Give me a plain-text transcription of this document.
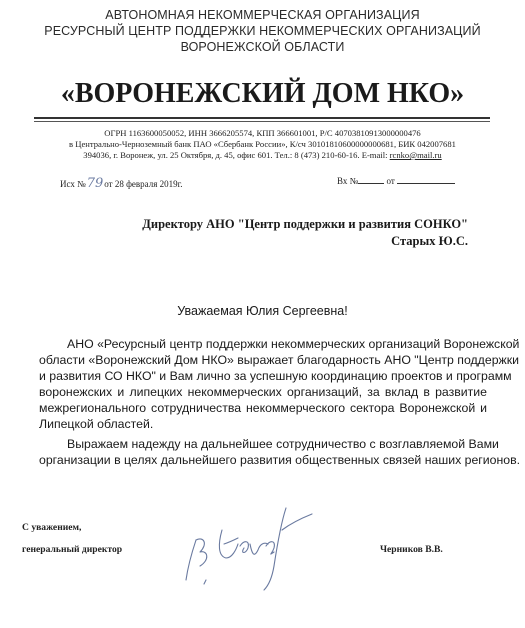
АВТОНОМНАЯ НЕКОММЕРЧЕСКАЯ ОРГАНИЗАЦИЯ
РЕСУРСНЫЙ ЦЕНТР ПОДДЕРЖКИ НЕКОММЕРЧЕСКИХ ОРГАНИЗАЦИЙ
ВОРОНЕЖСКОЙ ОБЛАСТИ
«ВОРОНЕЖСКИЙ ДОМ НКО»
ОГРН 1163600050052, ИНН 3666205574, КПП 366601001, Р/С 40703810913000000476
в Центрально-Черноземный банк ПАО «Сбербанк России», К/сч 30101810600000000681, БИК 042007681
394036, г. Воронеж, ул. 25 Октября, д. 45, офис 601. Тел.: 8 (473) 210-60-16. E-mail: rcnko@mail.ru
Исх №79от 28 февраля 2019г.	Вх №	от
Директору АНО "Центр поддержки и развития СОНКО"
Старых Ю.С.
Уважаемая Юлия Сергеевна!
АНО «Ресурсный центр поддержки некоммерческих организаций Воронежской
области «Воронежский Дом НКО» выражает благодарность АНО "Центр поддержки
и развития СО НКО" и Вам лично за успешную координацию проектов и программ
воронежских и липецких некоммерческих организаций, за вклад в развитие
межрегионального сотрудничества некоммерческого сектора Воронежской и
Липецкой областей.
Выражаем надежду на дальнейшее сотрудничество с возглавляемой Вами
организации в целях дальнейшего развития общественных связей наших регионов.
С уважением,
генеральный директор	Черников В.В.
